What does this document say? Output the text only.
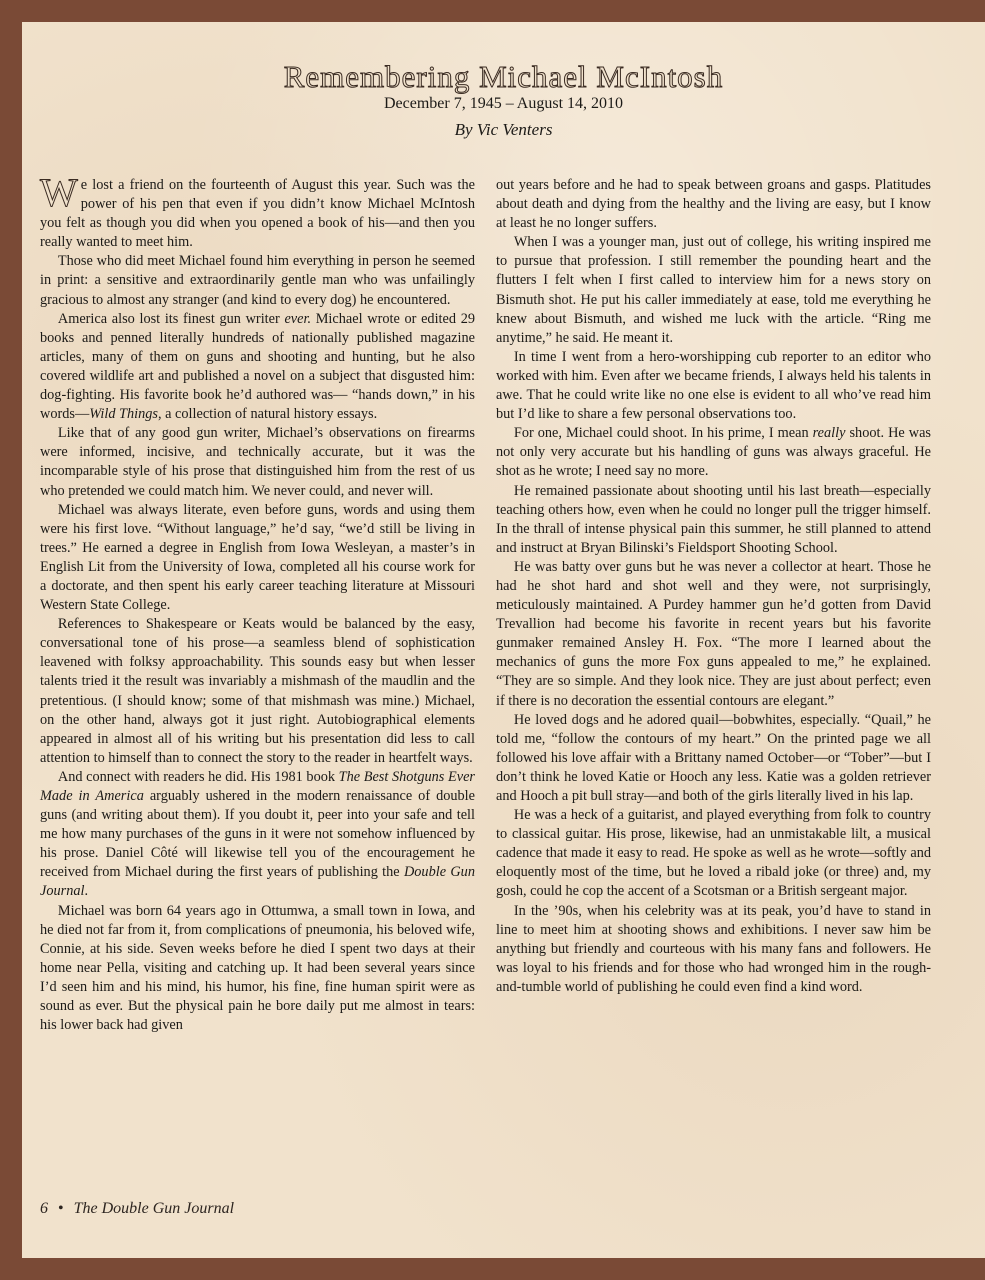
Remembering Michael McIntosh
December 7, 1945 – August 14, 2010
By Vic Venters

We lost a friend on the fourteenth of August this year. Such was the power of his pen that even if you didn’t know Michael McIntosh you felt as though you did when you opened a book of his—and then you really wanted to meet him.

Those who did meet Michael found him everything in person he seemed in print: a sensitive and extraordinarily gentle man who was unfailingly gracious to almost any stranger (and kind to every dog) he encountered.

America also lost its finest gun writer ever. Michael wrote or edited 29 books and penned literally hundreds of nationally published magazine articles, many of them on guns and shooting and hunting, but he also covered wildlife art and published a novel on a subject that disgusted him: dog-fighting. His favorite book he’d authored was— “hands down,” in his words—Wild Things, a collection of natural history essays.

Like that of any good gun writer, Michael’s observations on firearms were informed, incisive, and technically accurate, but it was the incomparable style of his prose that distinguished him from the rest of us who pretended we could match him. We never could, and never will.

Michael was always literate, even before guns, words and using them were his first love. “Without language,” he’d say, “we’d still be living in trees.” He earned a degree in English from Iowa Wesleyan, a master’s in English Lit from the University of Iowa, completed all his course work for a doctorate, and then spent his early career teaching literature at Missouri Western State College.

References to Shakespeare or Keats would be balanced by the easy, conversational tone of his prose—a seamless blend of sophistication leavened with folksy approachability. This sounds easy but when lesser talents tried it the result was invariably a mishmash of the maudlin and the pretentious. (I should know; some of that mishmash was mine.) Michael, on the other hand, always got it just right. Autobiographical elements appeared in almost all of his writing but his presentation did less to call attention to himself than to connect the story to the reader in heartfelt ways.

And connect with readers he did. His 1981 book The Best Shotguns Ever Made in America arguably ushered in the modern renaissance of double guns (and writing about them). If you doubt it, peer into your safe and tell me how many purchases of the guns in it were not somehow influenced by his prose. Daniel Côté will likewise tell you of the encouragement he received from Michael during the first years of publishing the Double Gun Journal.

Michael was born 64 years ago in Ottumwa, a small town in Iowa, and he died not far from it, from complications of pneumonia, his beloved wife, Connie, at his side. Seven weeks before he died I spent two days at their home near Pella, visiting and catching up. It had been several years since I’d seen him and his mind, his humor, his fine, fine human spirit were as sound as ever. But the physical pain he bore daily put me almost in tears: his lower back had given

out years before and he had to speak between groans and gasps. Platitudes about death and dying from the healthy and the living are easy, but I know at least he no longer suffers.

When I was a younger man, just out of college, his writing inspired me to pursue that profession. I still remember the pounding heart and the flutters I felt when I first called to interview him for a news story on Bismuth shot. He put his caller immediately at ease, told me everything he knew about Bismuth, and wished me luck with the article. “Ring me anytime,” he said. He meant it.

In time I went from a hero-worshipping cub reporter to an editor who worked with him. Even after we became friends, I always held his talents in awe. That he could write like no one else is evident to all who’ve read him but I’d like to share a few personal observations too.

For one, Michael could shoot. In his prime, I mean really shoot. He was not only very accurate but his handling of guns was always graceful. He shot as he wrote; I need say no more.

He remained passionate about shooting until his last breath—especially teaching others how, even when he could no longer pull the trigger himself. In the thrall of intense physical pain this summer, he still planned to attend and instruct at Bryan Bilinski’s Fieldsport Shooting School.

He was batty over guns but he was never a collector at heart. Those he had he shot hard and shot well and they were, not surprisingly, meticulously maintained. A Purdey hammer gun he’d gotten from David Trevallion had become his favorite in recent years but his favorite gunmaker remained Ansley H. Fox. “The more I learned about the mechanics of guns the more Fox guns appealed to me,” he explained. “They are so simple. And they look nice. They are just about perfect; even if there is no decoration the essential contours are elegant.”

He loved dogs and he adored quail—bobwhites, especially. “Quail,” he told me, “follow the contours of my heart.” On the printed page we all followed his love affair with a Brittany named October—or “Tober”—but I don’t think he loved Katie or Hooch any less. Katie was a golden retriever and Hooch a pit bull stray—and both of the girls literally lived in his lap.

He was a heck of a guitarist, and played everything from folk to country to classical guitar. His prose, likewise, had an unmistakable lilt, a musical cadence that made it easy to read. He spoke as well as he wrote—softly and eloquently most of the time, but he loved a ribald joke (or three) and, my gosh, could he cop the accent of a Scotsman or a British sergeant major.

In the ’90s, when his celebrity was at its peak, you’d have to stand in line to meet him at shooting shows and exhibitions. I never saw him be anything but friendly and courteous with his many fans and followers. He was loyal to his friends and for those who had wronged him in the rough-and-tumble world of publishing he could even find a kind word.

6 • The Double Gun Journal
